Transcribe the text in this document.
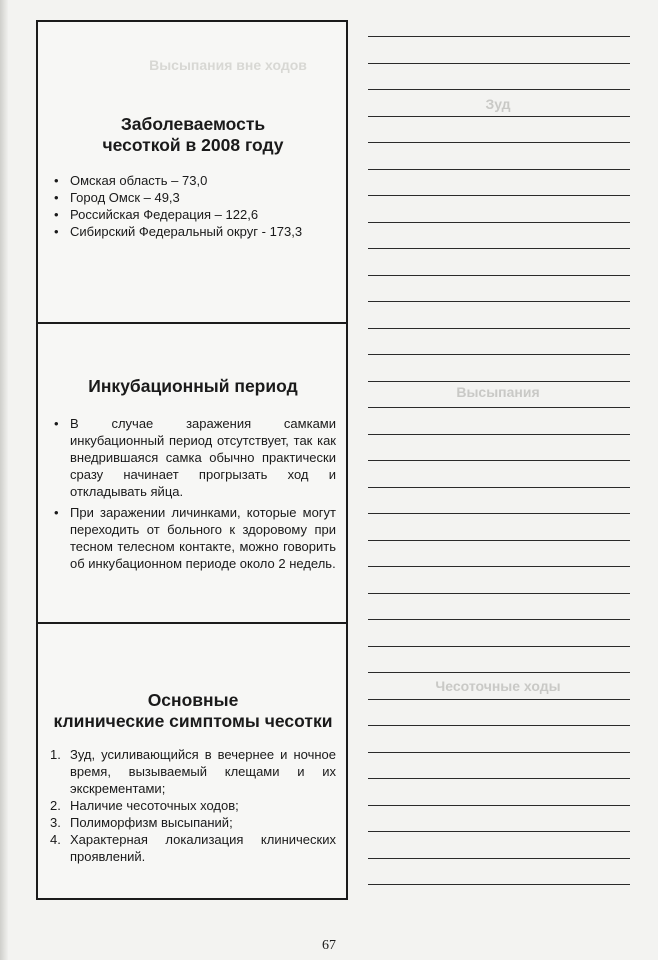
Высыпания вне ходов

Заболеваемость
чесоткой в 2008 году

• Омская область – 73,0
• Город Омск – 49,3
• Российская Федерация – 122,6
• Сибирский Федеральный округ - 173,3

Инкубационный период

• В случае заражения самками инкубационный период отсутствует, так как внедрившаяся самка обычно практически сразу начинает прогрызать ход и откладывать яйца.
• При заражении личинками, которые могут переходить от больного к здоровому при тесном телесном контакте, можно говорить об инкубационном периоде около 2 недель.

Основные
клинические симптомы чесотки

1. Зуд, усиливающийся в вечернее и ночное время, вызываемый клещами и их экскрементами;
2. Наличие чесоточных ходов;
3. Полиморфизм высыпаний;
4. Характерная локализация клинических проявлений.
Зуд
Высыпания
Чесоточные ходы
67
